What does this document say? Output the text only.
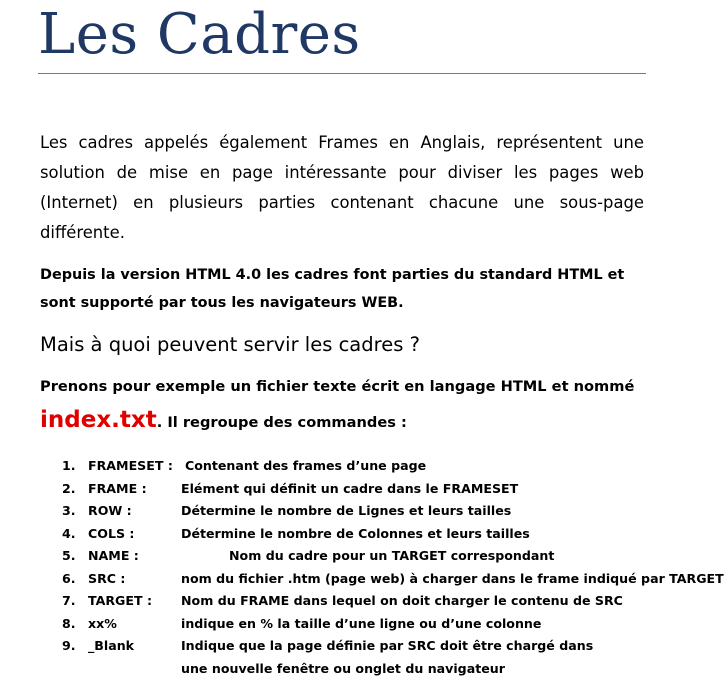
Les Cadres

Les cadres appelés également Frames en Anglais, représentent une solution de mise en page intéressante pour diviser les pages web (Internet) en plusieurs parties contenant chacune une sous-page différente.

Depuis la version HTML 4.0 les cadres font parties du standard HTML et sont supporté par tous les navigateurs WEB.

Mais à quoi peuvent servir les cadres ?

Prenons pour exemple un fichier texte écrit en langage HTML et nommé

index.txt. Il regroupe des commandes :
1. FRAMESET : Contenant des frames d’une page
2. FRAME :	Elément qui définit un cadre dans le FRAMESET
3. ROW :	Détermine le nombre de Lignes et leurs tailles
4. COLS :	Détermine le nombre de Colonnes et leurs tailles
5. NAME :	Nom du cadre pour un TARGET correspondant
6. SRC :	nom du fichier .htm (page web) à charger dans le frame indiqué par TARGET
7. TARGET : Nom du FRAME dans lequel on doit charger le contenu de SRC
8. xx%	indique en % la taille d’une ligne ou d’une colonne
9. _Blank	Indique que la page définie par SRC doit être chargé dans une nouvelle fenêtre ou onglet du navigateur
